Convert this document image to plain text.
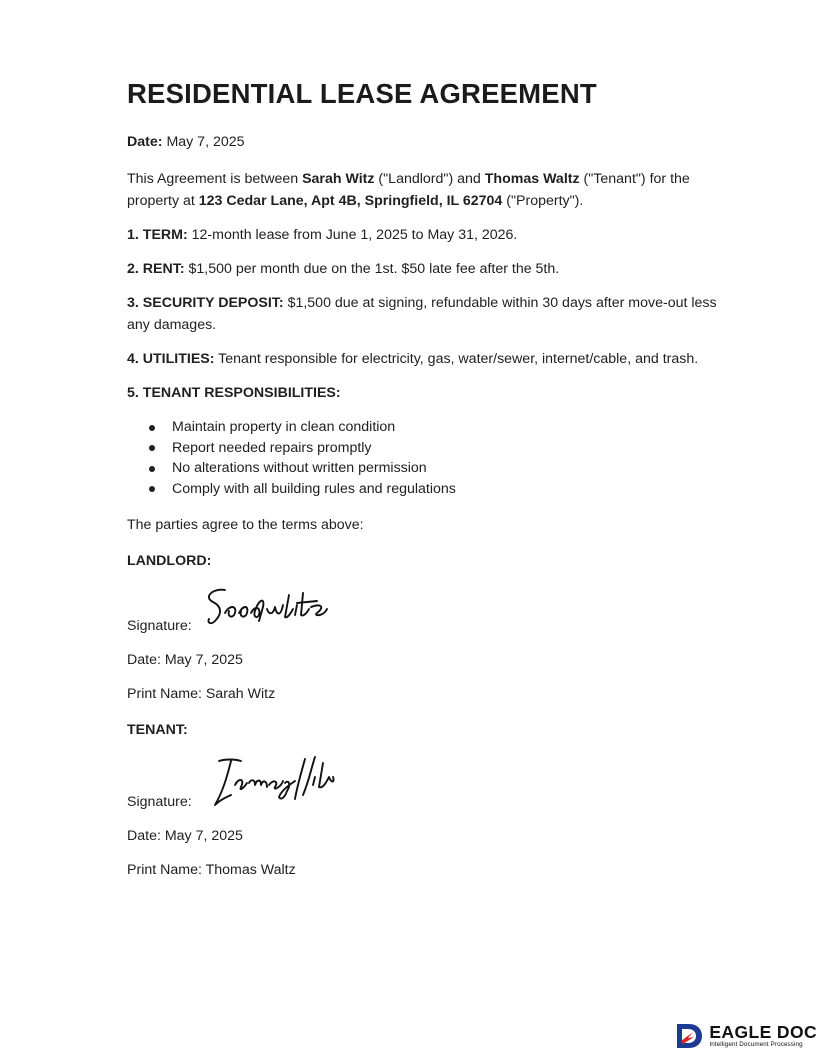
RESIDENTIAL LEASE AGREEMENT

Date: May 7, 2025

This Agreement is between Sarah Witz ("Landlord") and Thomas Waltz ("Tenant") for the property at 123 Cedar Lane, Apt 4B, Springfield, IL 62704 ("Property").

1. TERM: 12-month lease from June 1, 2025 to May 31, 2026.

2. RENT: $1,500 per month due on the 1st. $50 late fee after the 5th.

3. SECURITY DEPOSIT: $1,500 due at signing, refundable within 30 days after move-out less any damages.

4. UTILITIES: Tenant responsible for electricity, gas, water/sewer, internet/cable, and trash.

5. TENANT RESPONSIBILITIES:

Maintain property in clean condition
Report needed repairs promptly
No alterations without written permission
Comply with all building rules and regulations

The parties agree to the terms above:

LANDLORD:

Signature:

Date: May 7, 2025

Print Name: Sarah Witz

TENANT:

Signature:

Date: May 7, 2025

Print Name: Thomas Waltz

EAGLE DOC
Intelligent Document Processing
